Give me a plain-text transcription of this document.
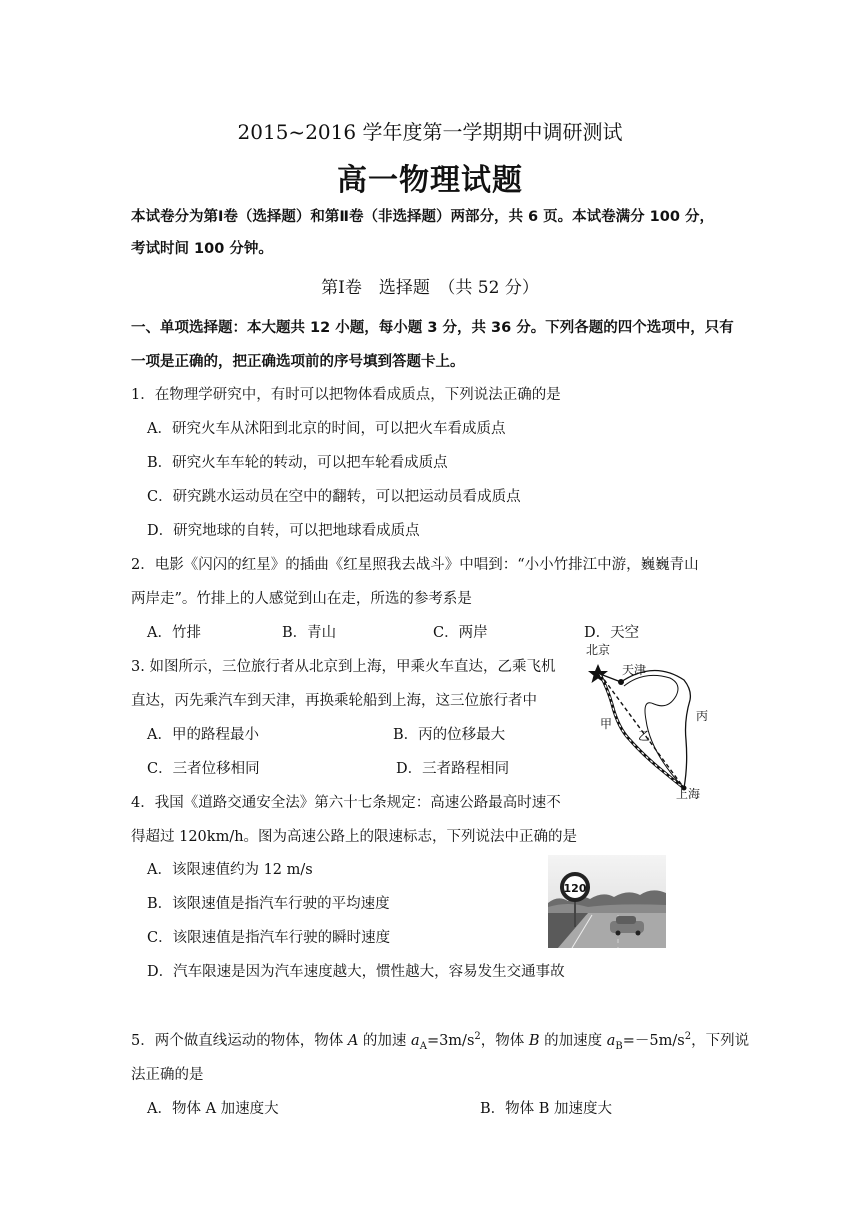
2015~2016 学年度第一学期期中调研测试
高一物理试题
本试卷分为第Ⅰ卷（选择题）和第Ⅱ卷（非选择题）两部分，共 6 页。本试卷满分 100 分，
考试时间 100 分钟。
第Ⅰ卷　选择题　（共 52 分）
一、单项选择题：本大题共 12 小题，每小题 3 分，共 36 分。下列各题的四个选项中，只有
一项是正确的，把正确选项前的序号填到答题卡上。
1．在物理学研究中，有时可以把物体看成质点，下列说法正确的是
A．研究火车从沭阳到北京的时间，可以把火车看成质点
B．研究火车车轮的转动，可以把车轮看成质点
C．研究跳水运动员在空中的翻转，可以把运动员看成质点
D．研究地球的自转，可以把地球看成质点
2．电影《闪闪的红星》的插曲《红星照我去战斗》中唱到：“小小竹排江中游，巍巍青山
两岸走”。竹排上的人感觉到山在走，所选的参考系是
A．竹排	B．青山	C．两岸	D．天空
3. 如图所示，三位旅行者从北京到上海，甲乘火车直达，乙乘飞机
直达，丙先乘汽车到天津，再换乘轮船到上海，这三位旅行者中
A．甲的路程最小	B．丙的位移最大
C．三者位移相同	D．三者路程相同
北京
天津
上海
甲
乙
丙
4．我国《道路交通安全法》第六十七条规定：高速公路最高时速不
得超过 120km/h。图为高速公路上的限速标志，下列说法中正确的是
A．该限速值约为 12 m/s
B．该限速值是指汽车行驶的平均速度
C．该限速值是指汽车行驶的瞬时速度
D．汽车限速是因为汽车速度越大，惯性越大，容易发生交通事故
120
5．两个做直线运动的物体，物体 A 的加速 $a_A=3m/s^2$，物体 B 的加速度 $a_B=-5m/s^2$，下列说
法正确的是
A．物体 A 加速度大	B．物体 B 加速度大
